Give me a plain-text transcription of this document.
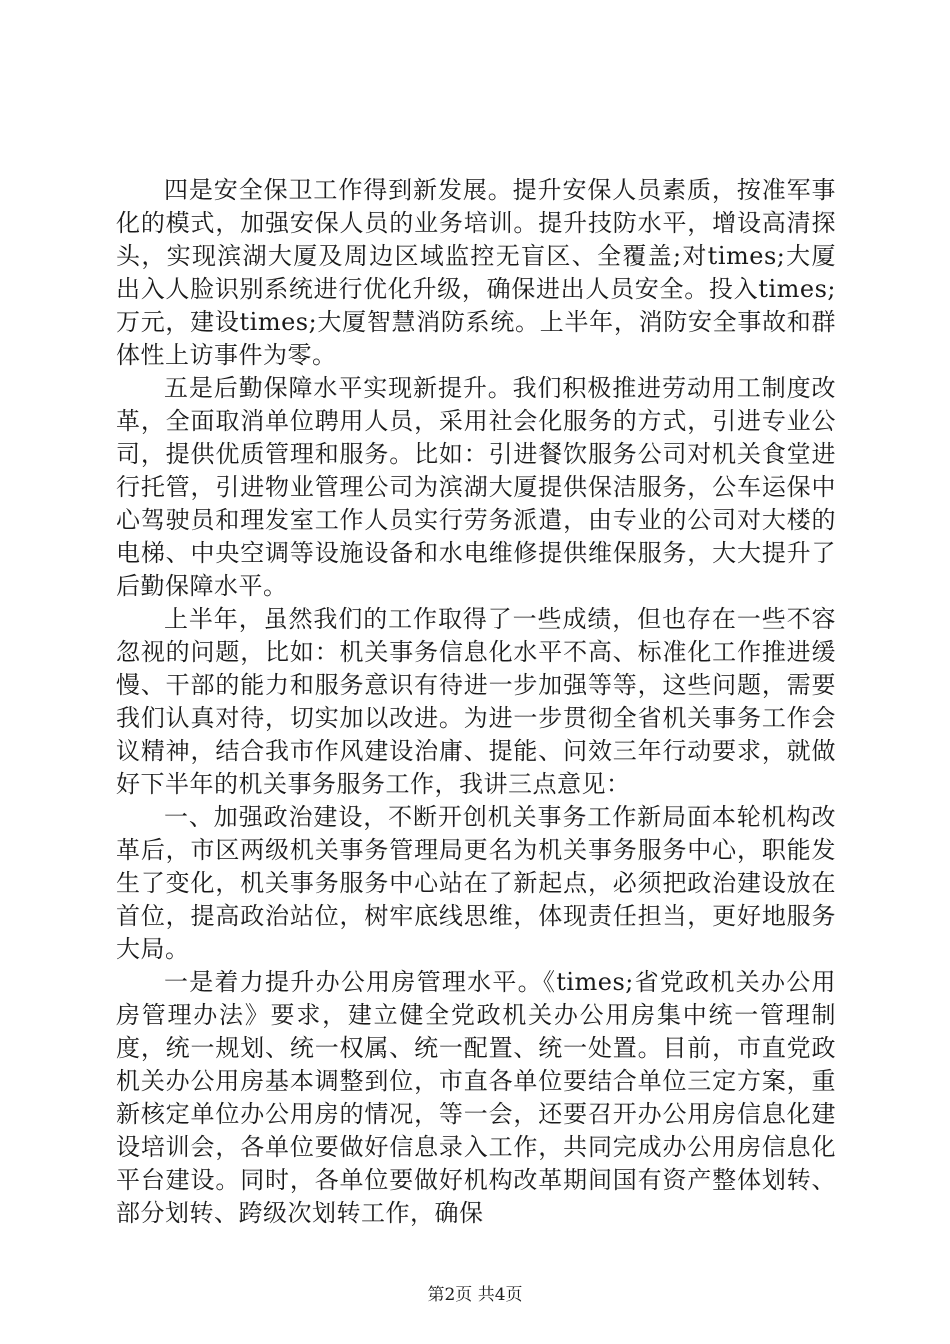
四是安全保卫工作得到新发展。提升安保人员素质，按准军事化的模式，加强安保人员的业务培训。提升技防水平，增设高清探头，实现滨湖大厦及周边区域监控无盲区、全覆盖;对times;大厦出入人脸识别系统进行优化升级，确保进出人员安全。投入times;万元，建设times;大厦智慧消防系统。上半年，消防安全事故和群体性上访事件为零。

五是后勤保障水平实现新提升。我们积极推进劳动用工制度改革，全面取消单位聘用人员，采用社会化服务的方式，引进专业公司，提供优质管理和服务。比如：引进餐饮服务公司对机关食堂进行托管，引进物业管理公司为滨湖大厦提供保洁服务，公车运保中心驾驶员和理发室工作人员实行劳务派遣，由专业的公司对大楼的电梯、中央空调等设施设备和水电维修提供维保服务，大大提升了后勤保障水平。

上半年，虽然我们的工作取得了一些成绩，但也存在一些不容忽视的问题，比如：机关事务信息化水平不高、标准化工作推进缓慢、干部的能力和服务意识有待进一步加强等等，这些问题，需要我们认真对待，切实加以改进。为进一步贯彻全省机关事务工作会议精神，结合我市作风建设治庸、提能、问效三年行动要求，就做好下半年的机关事务服务工作，我讲三点意见：

一、加强政治建设，不断开创机关事务工作新局面本轮机构改革后，市区两级机关事务管理局更名为机关事务服务中心，职能发生了变化，机关事务服务中心站在了新起点，必须把政治建设放在首位，提高政治站位，树牢底线思维，体现责任担当，更好地服务大局。

一是着力提升办公用房管理水平。《times;省党政机关办公用房管理办法》要求，建立健全党政机关办公用房集中统一管理制度，统一规划、统一权属、统一配置、统一处置。目前，市直党政机关办公用房基本调整到位，市直各单位要结合单位三定方案，重新核定单位办公用房的情况，等一会，还要召开办公用房信息化建设培训会，各单位要做好信息录入工作，共同完成办公用房信息化平台建设。同时，各单位要做好机构改革期间国有资产整体划转、部分划转、跨级次划转工作，确保

第2页 共4页
